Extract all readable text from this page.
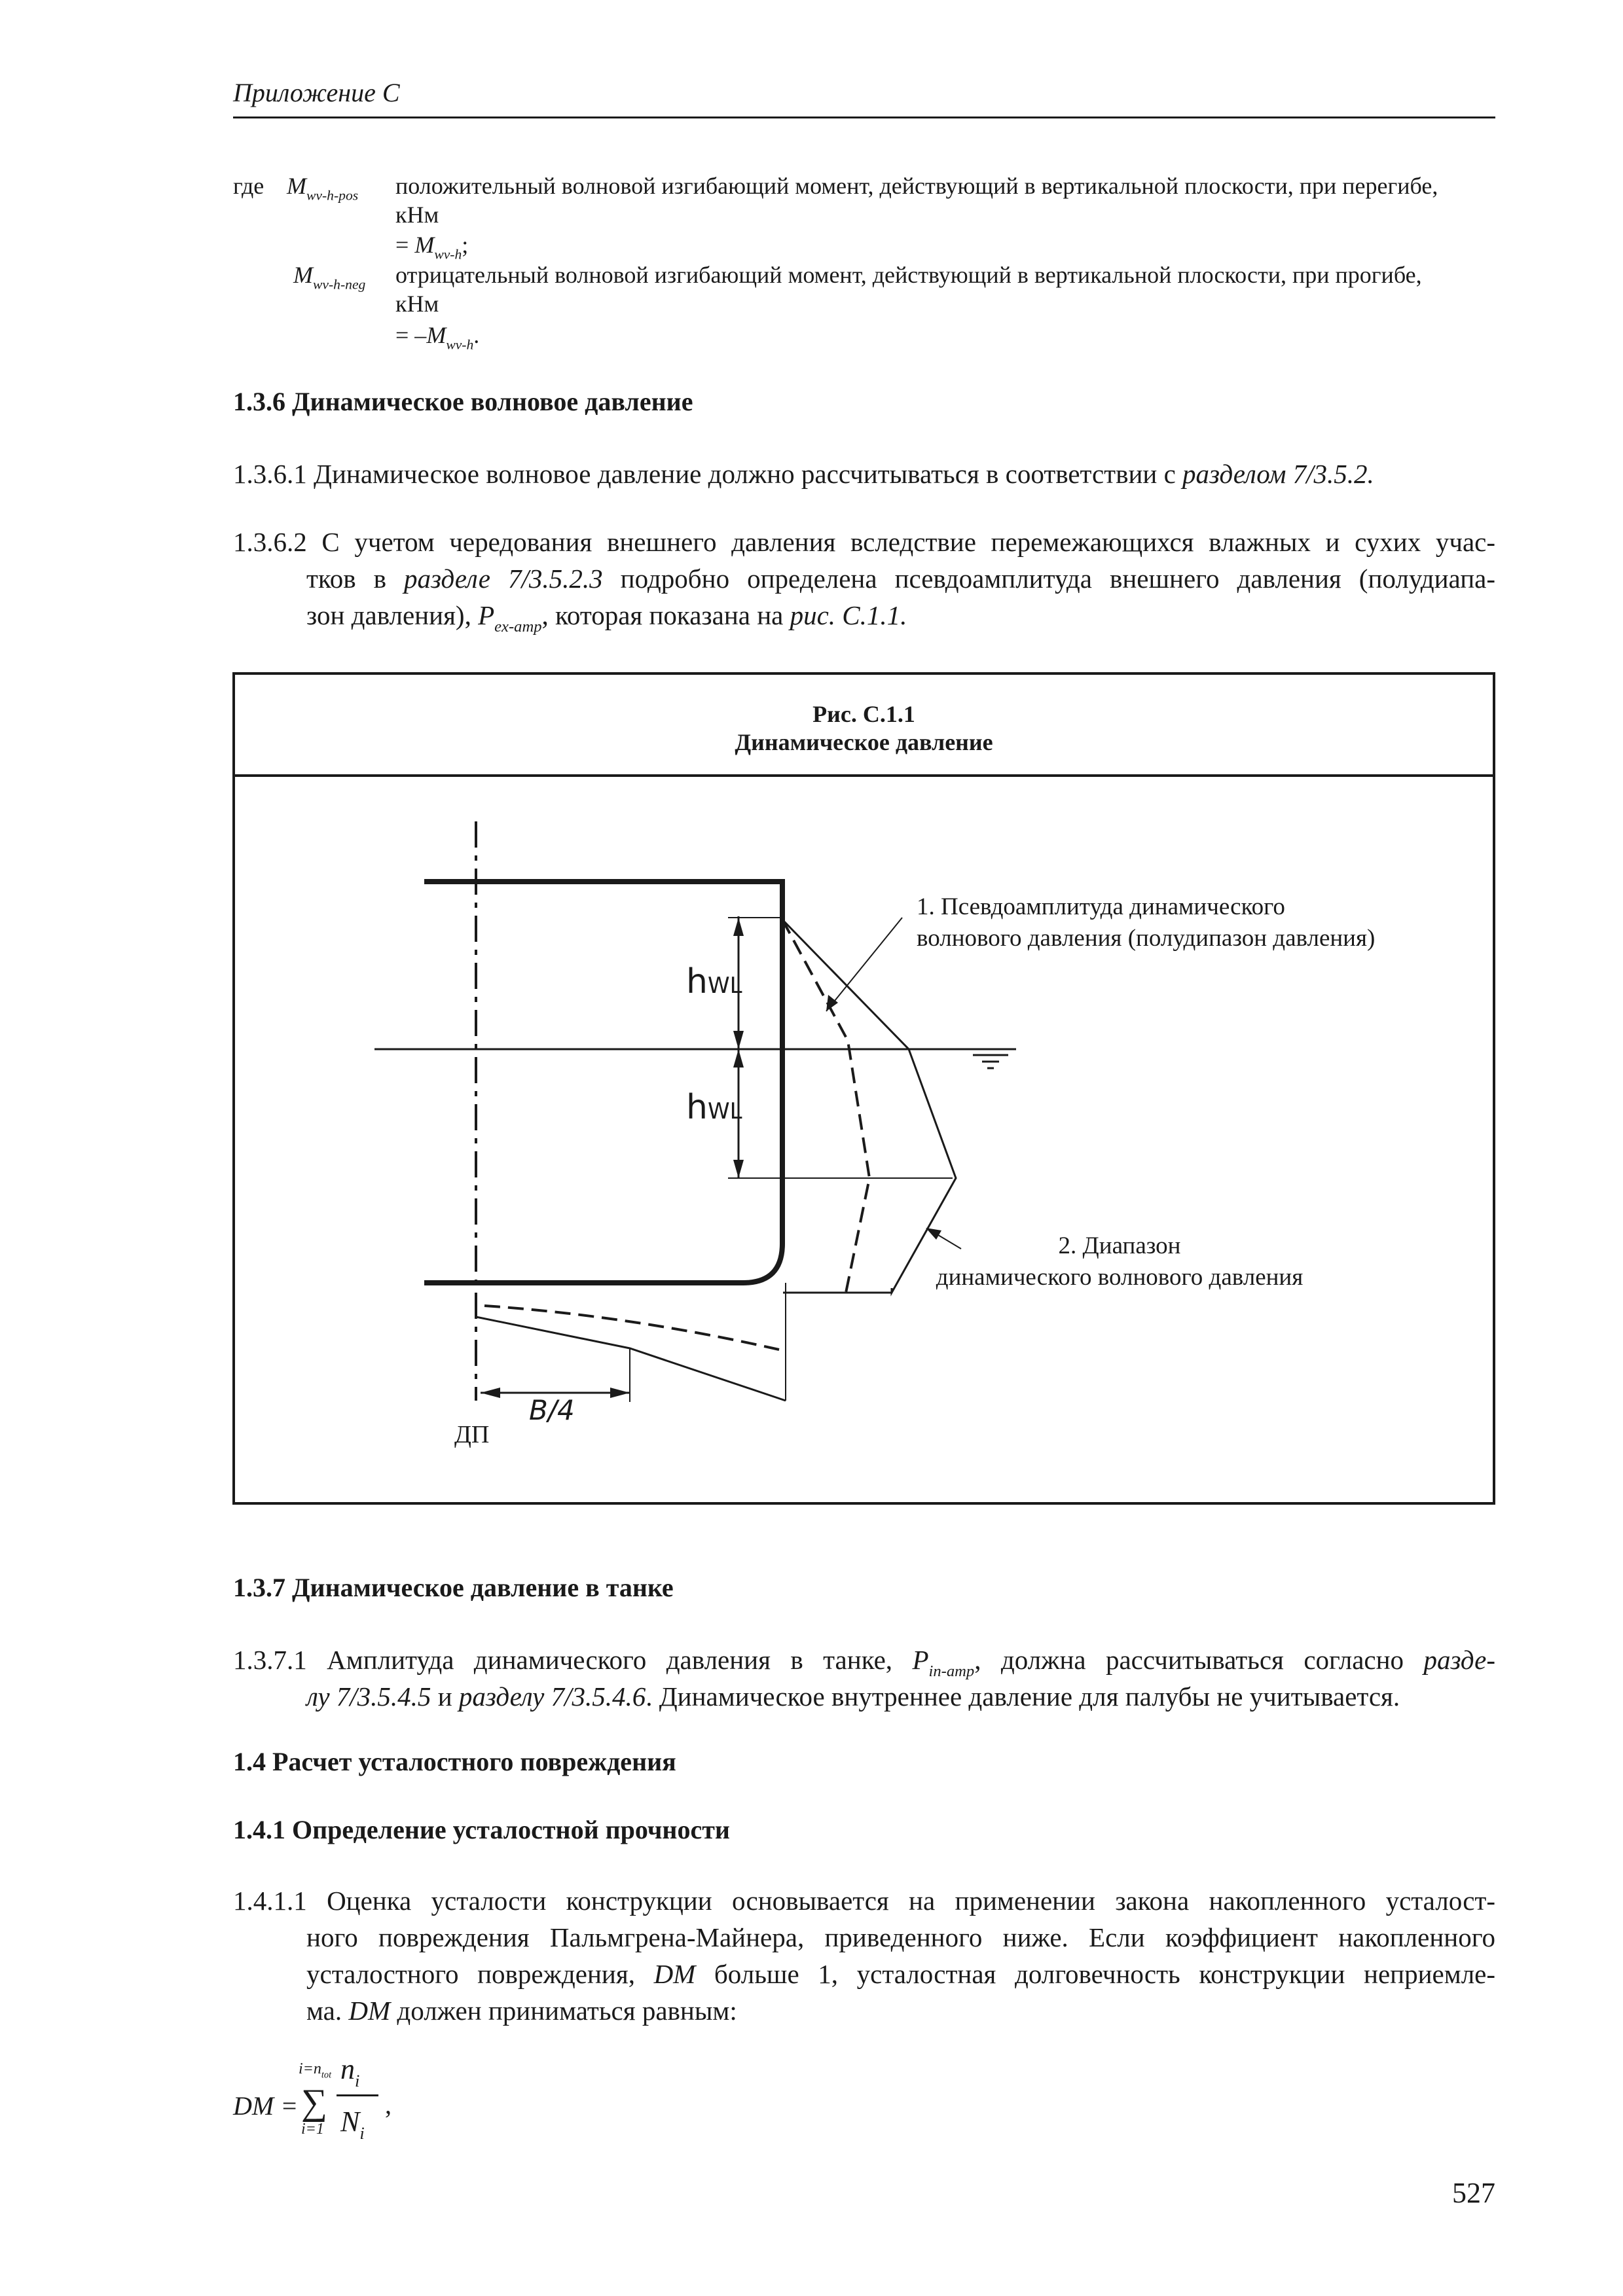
Приложение С
где $M_{wv-h-pos}$ положительный волновой изгибающий момент, действующий в вертикальной плоскости, при перегибе,
кНм
= $M_{wv-h}$;
$M_{wv-h-neg}$ отрицательный волновой изгибающий момент, действующий в вертикальной плоскости, при прогибе,
кНм
= $-M_{wv-h}$.
1.3.6 Динамическое волновое давление
1.3.6.1 Динамическое волновое давление должно рассчитываться в соответствии с разделом 7/3.5.2.
1.3.6.2 С учетом чередования внешнего давления вследствие перемежающихся влажных и сухих учас-
тков в разделе 7/3.5.2.3 подробно определена псевдоамплитуда внешнего давления (полудиапа-
зон давления), $P_{ex-amp}$, которая показана на рис. С.1.1.
Рис. С.1.1
Динамическое давление
1. Псевдоамплитуда динамического
волнового давления (полудипазон давления)
2. Диапазон
динамического волнового давления
hWL
hWL
B/4
ДП
1.3.7 Динамическое давление в танке
1.3.7.1 Амплитуда динамического давления в танке, $P_{in-amp}$, должна рассчитываться согласно разде-
лу 7/3.5.4.5 и разделу 7/3.5.4.6. Динамическое внутреннее давление для палубы не учитывается.
1.4 Расчет усталостного повреждения
1.4.1 Определение усталостной прочности
1.4.1.1 Оценка усталости конструкции основывается на применении закона накопленного усталост-
ного повреждения Пальмгрена-Майнера, приведенного ниже. Если коэффициент накопленного
усталостного повреждения, DM больше 1, усталостная долговечность конструкции неприемле-
ма. DM должен приниматься равным:
DM = ∑
$i=n_{tot}$
i=1
$n_i$
$N_i$
,
527
